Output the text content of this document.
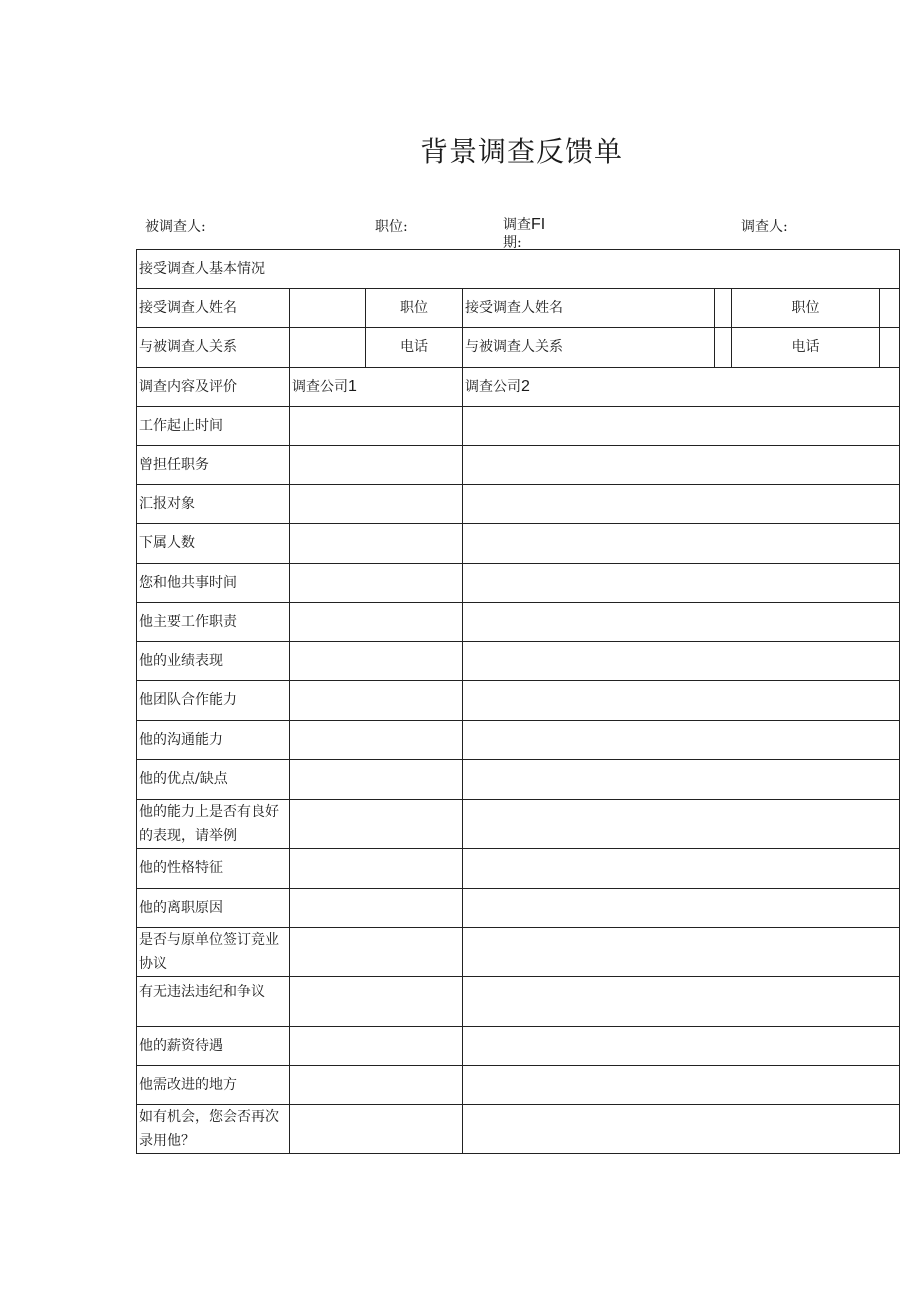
背景调查反馈单
被调查人:	职位:	调查FI
期:
调查人:
接受调查人基本情况						
接受调查人姓名		职位	接受调查人姓名		职位	
与被调查人关系		电话	与被调查人关系		电话	
调查内容及评价	调查公司1		调查公司2			
工作起止时间						
曾担任职务						
汇报对象						
下属人数						
您和他共事时间						
他主要工作职责						
他的业绩表现						
他团队合作能力						
他的沟通能力						
他的优点/缺点						
他的能力上是否有良好的表现，请举例						
他的性格特征						
他的离职原因						
是否与原单位签订竞业协议						
有无违法违纪和争议						
他的薪资待遇						
他需改进的地方						
如有机会，您会否再次录用他？						
